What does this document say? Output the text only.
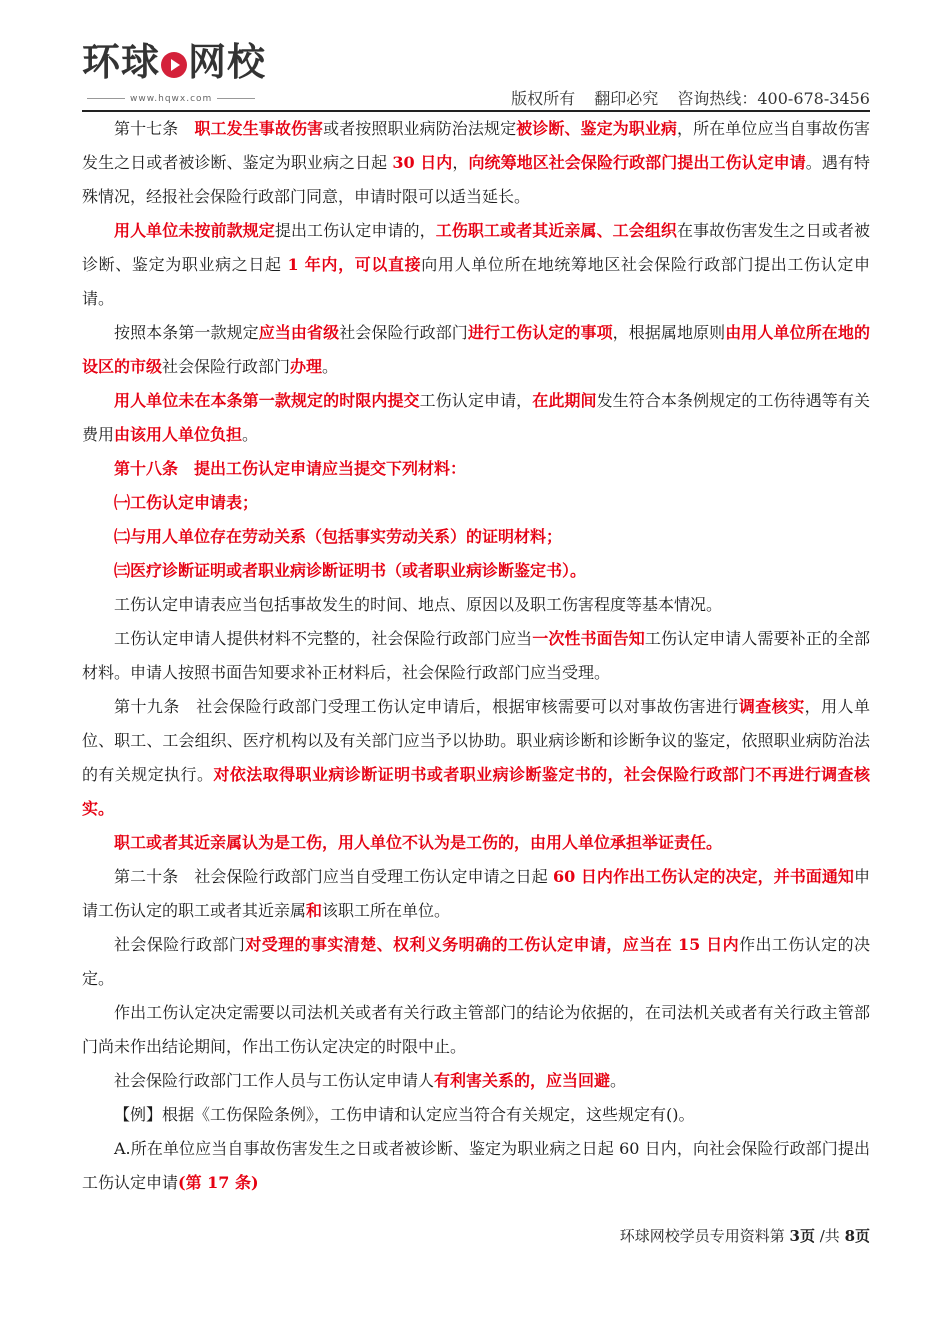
环球 网校
www.hqwx.com	版权所有 翻印必究 咨询热线：400-678-3456

第十七条　职工发生事故伤害或者按照职业病防治法规定被诊断、鉴定为职业病，所在单位应当自事故伤害发生之日或者被诊断、鉴定为职业病之日起 30 日内，向统筹地区社会保险行政部门提出工伤认定申请。遇有特殊情况，经报社会保险行政部门同意，申请时限可以适当延长。

用人单位未按前款规定提出工伤认定申请的，工伤职工或者其近亲属、工会组织在事故伤害发生之日或者被诊断、鉴定为职业病之日起 1 年内，可以直接向用人单位所在地统筹地区社会保险行政部门提出工伤认定申请。

按照本条第一款规定应当由省级社会保险行政部门进行工伤认定的事项，根据属地原则由用人单位所在地的设区的市级社会保险行政部门办理。

用人单位未在本条第一款规定的时限内提交工伤认定申请，在此期间发生符合本条例规定的工伤待遇等有关费用由该用人单位负担。

第十八条　提出工伤认定申请应当提交下列材料：

㈠工伤认定申请表；

㈡与用人单位存在劳动关系（包括事实劳动关系）的证明材料；

㈢医疗诊断证明或者职业病诊断证明书（或者职业病诊断鉴定书）。

工伤认定申请表应当包括事故发生的时间、地点、原因以及职工伤害程度等基本情况。

工伤认定申请人提供材料不完整的，社会保险行政部门应当一次性书面告知工伤认定申请人需要补正的全部材料。申请人按照书面告知要求补正材料后，社会保险行政部门应当受理。

第十九条　社会保险行政部门受理工伤认定申请后，根据审核需要可以对事故伤害进行调查核实，用人单位、职工、工会组织、医疗机构以及有关部门应当予以协助。职业病诊断和诊断争议的鉴定，依照职业病防治法的有关规定执行。对依法取得职业病诊断证明书或者职业病诊断鉴定书的，社会保险行政部门不再进行调查核实。

职工或者其近亲属认为是工伤，用人单位不认为是工伤的，由用人单位承担举证责任。

第二十条　社会保险行政部门应当自受理工伤认定申请之日起 60 日内作出工伤认定的决定，并书面通知申请工伤认定的职工或者其近亲属和该职工所在单位。

社会保险行政部门对受理的事实清楚、权利义务明确的工伤认定申请，应当在 15 日内作出工伤认定的决定。

作出工伤认定决定需要以司法机关或者有关行政主管部门的结论为依据的，在司法机关或者有关行政主管部门尚未作出结论期间，作出工伤认定决定的时限中止。

社会保险行政部门工作人员与工伤认定申请人有利害关系的，应当回避。

【例】根据《工伤保险条例》，工伤申请和认定应当符合有关规定，这些规定有()。

A.所在单位应当自事故伤害发生之日或者被诊断、鉴定为职业病之日起 60 日内，向社会保险行政部门提出工伤认定申请(第 17 条)

环球网校学员专用资料第 3页 /共 8页
